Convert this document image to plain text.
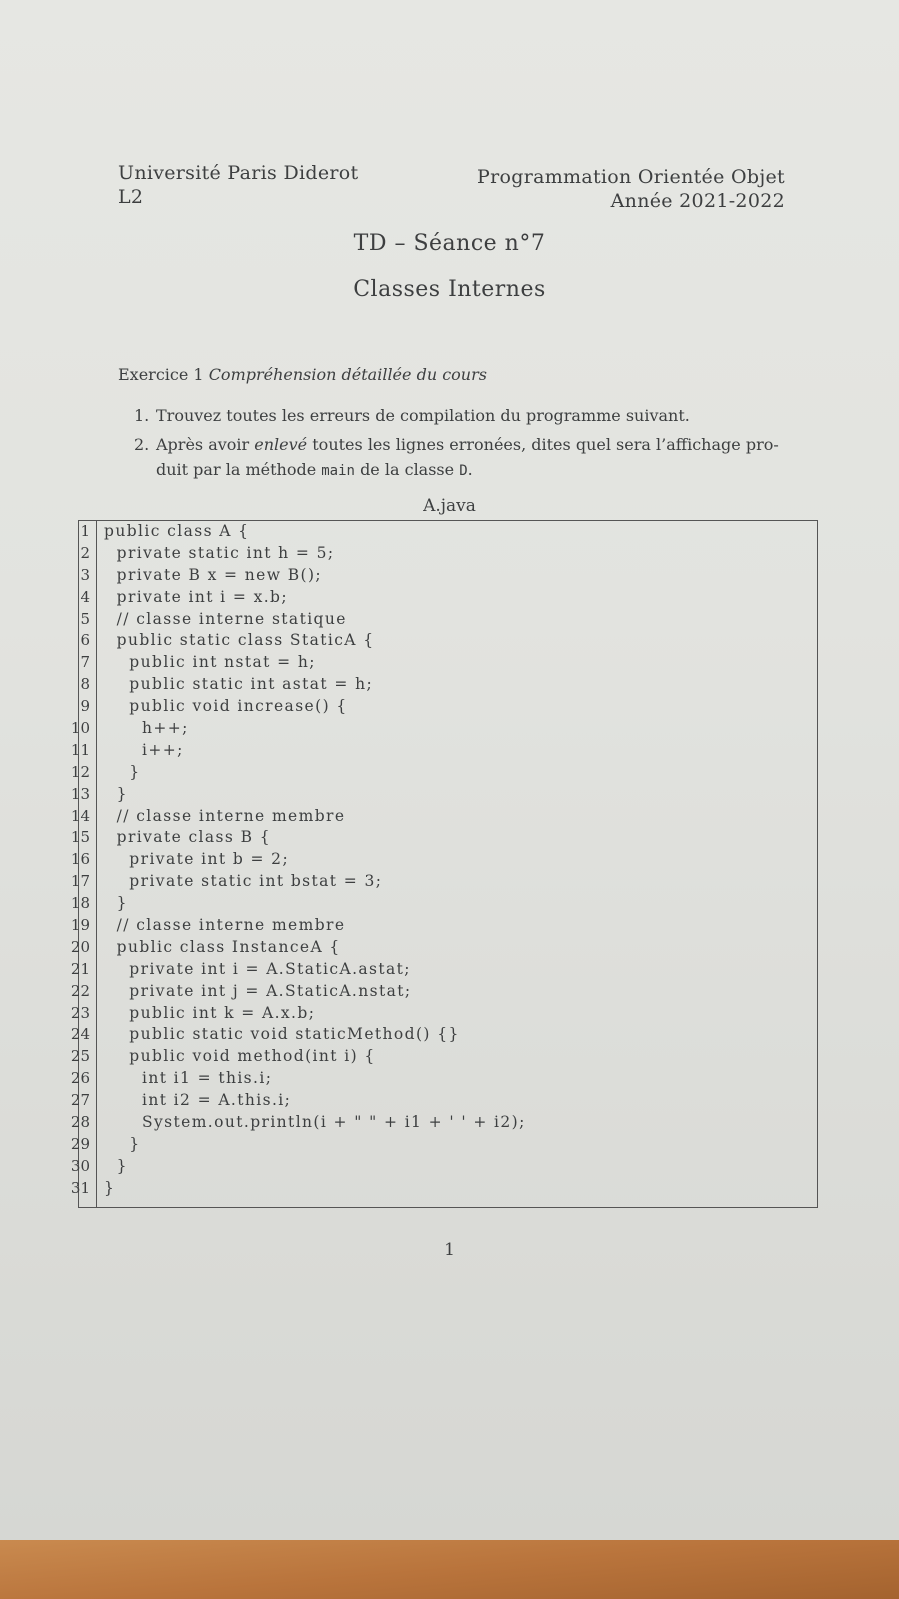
Université Paris Diderot
L2
Programmation Orientée Objet
Année 2021-2022
TD – Séance n°7
Classes Internes
Exercice 1 Compréhension détaillée du cours
1. Trouvez toutes les erreurs de compilation du programme suivant.
2. Après avoir enlevé toutes les lignes erronées, dites quel sera l’affichage pro-
duit par la méthode main de la classe D.
A.java
1
2
3
4
5
6
7
8
9
10
11
12
13
14
15
16
17
18
19
20
21
22
23
24
25
26
27
28
29
30
31
public class A {
private static int h = 5;
private B x = new B();
private int i = x.b;
// classe interne statique
public static class StaticA {
public int nstat = h;
public static int astat = h;
public void increase() {
h++;
i++;
}
}
// classe interne membre
private class B {
private int b = 2;
private static int bstat = 3;
}
// classe interne membre
public class InstanceA {
private int i = A.StaticA.astat;
private int j = A.StaticA.nstat;
public int k = A.x.b;
public static void staticMethod() {}
public void method(int i) {
int i1 = this.i;
int i2 = A.this.i;
System.out.println(i + " " + i1 + ' ' + i2);
}
}
}
1
